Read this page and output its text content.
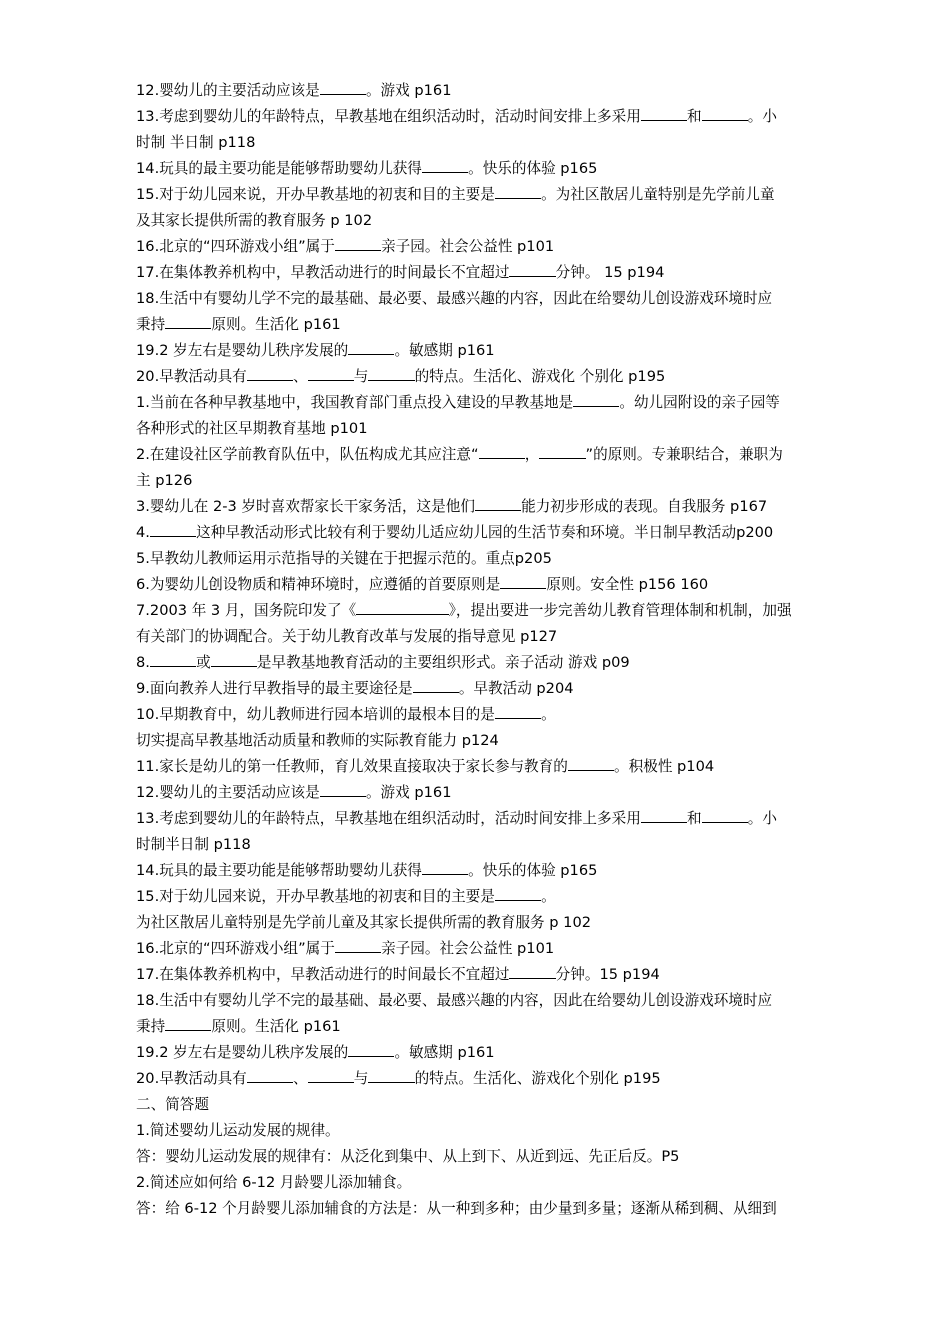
12.婴幼儿的主要活动应该是	。游戏 p161
13.考虑到婴幼儿的年龄特点，早教基地在组织活动时，活动时间安排上多采用	和	。小
时制 半日制 p118
14.玩具的最主要功能是能够帮助婴幼儿获得	。快乐的体验 p165
15.对于幼儿园来说，开办早教基地的初衷和目的主要是	。为社区散居儿童特别是先学前儿童
及其家长提供所需的教育服务 p 102
16.北京的“四环游戏小组”属于	亲子园。社会公益性 p101
17.在集体教养机构中，早教活动进行的时间最长不宜超过	分钟。 15 p194
18.生活中有婴幼儿学不完的最基础、最必要、最感兴趣的内容，因此在给婴幼儿创设游戏环境时应
秉持	原则。生活化 p161
19.2 岁左右是婴幼儿秩序发展的	。敏感期 p161
20.早教活动具有	、	与	的特点。生活化、游戏化 个别化 p195
1.当前在各种早教基地中，我国教育部门重点投入建设的早教基地是	。幼儿园附设的亲子园等
各种形式的社区早期教育基地 p101
2.在建设社区学前教育队伍中，队伍构成尤其应注意“	，	”的原则。专兼职结合，兼职为
主 p126
3.婴幼儿在 2-3 岁时喜欢帮家长干家务活，这是他们	能力初步形成的表现。自我服务 p167
4.	这种早教活动形式比较有利于婴幼儿适应幼儿园的生活节奏和环境。半日制早教活动p200
5.早教幼儿教师运用示范指导的关键在于把握示范的。重点p205
6.为婴幼儿创设物质和精神环境时，应遵循的首要原则是	原则。安全性 p156 160
7.2003 年 3 月，国务院印发了《	》，提出要进一步完善幼儿教育管理体制和机制，加强
有关部门的协调配合。关于幼儿教育改革与发展的指导意见 p127
8.	或	是早教基地教育活动的主要组织形式。亲子活动 游戏 p09
9.面向教养人进行早教指导的最主要途径是	。早教活动 p204
10.早期教育中，幼儿教师进行园本培训的最根本目的是	。
切实提高早教基地活动质量和教师的实际教育能力 p124
11.家长是幼儿的第一任教师，育儿效果直接取决于家长参与教育的	。积极性 p104
12.婴幼儿的主要活动应该是	。游戏 p161
13.考虑到婴幼儿的年龄特点，早教基地在组织活动时，活动时间安排上多采用	和	。小
时制半日制 p118
14.玩具的最主要功能是能够帮助婴幼儿获得	。快乐的体验 p165
15.对于幼儿园来说，开办早教基地的初衷和目的主要是	。
为社区散居儿童特别是先学前儿童及其家长提供所需的教育服务 p 102
16.北京的“四环游戏小组”属于	亲子园。社会公益性 p101
17.在集体教养机构中，早教活动进行的时间最长不宜超过	分钟。15 p194
18.生活中有婴幼儿学不完的最基础、最必要、最感兴趣的内容，因此在给婴幼儿创设游戏环境时应
秉持	原则。生活化 p161
19.2 岁左右是婴幼儿秩序发展的	。敏感期 p161
20.早教活动具有	、	与	的特点。生活化、游戏化个别化 p195
二、简答题
1.简述婴幼儿运动发展的规律。
答：婴幼儿运动发展的规律有：从泛化到集中、从上到下、从近到远、先正后反。P5
2.简述应如何给 6-12 月龄婴儿添加辅食。
答：给 6-12 个月龄婴儿添加辅食的方法是：从一种到多种；由少量到多量；逐渐从稀到稠、从细到
